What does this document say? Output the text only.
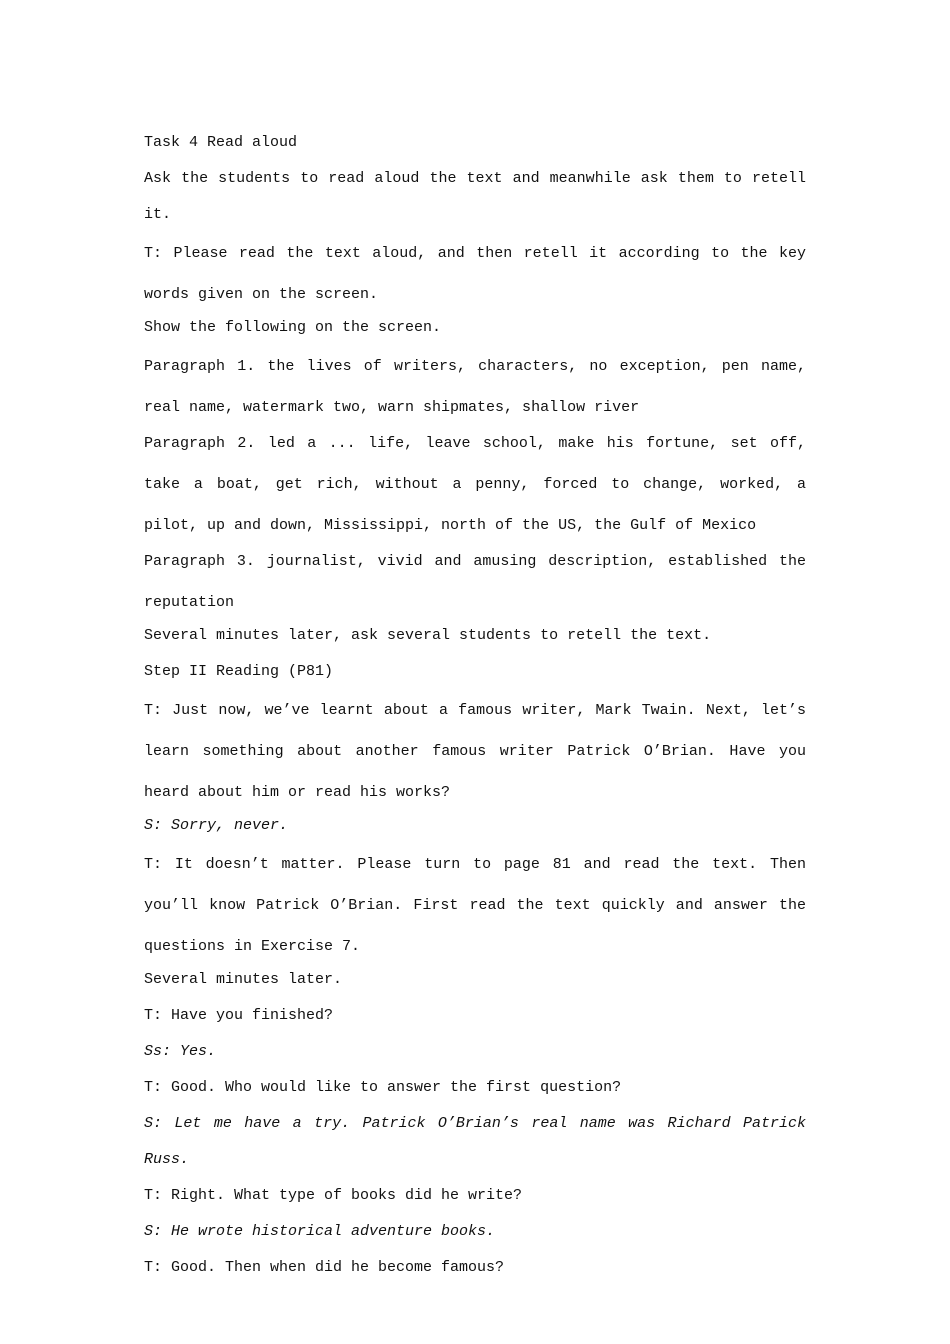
Task 4 Read aloud

Ask the students to read aloud the text and meanwhile ask them to retell it.

T: Please read the text aloud, and then retell it according to the key words given on the screen.

Show the following on the screen.

Paragraph 1. the lives of writers, characters, no exception, pen name, real name, watermark two, warn shipmates, shallow river

Paragraph 2. led a ... life, leave school, make his fortune, set off, take a boat, get rich, without a penny, forced to change, worked, a pilot, up and down, Mississippi, north of the US, the Gulf of Mexico

Paragraph 3. journalist, vivid and amusing description, established the reputation

Several minutes later, ask several students to retell the text.

Step II Reading (P81)

T: Just now, we’ve learnt about a famous writer, Mark Twain. Next, let’s learn something about another famous writer Patrick O’Brian. Have you heard about him or read his works?

S: Sorry, never.

T: It doesn’t matter. Please turn to page 81 and read the text. Then you’ll know Patrick O’Brian. First read the text quickly and answer the questions in Exercise 7.

Several minutes later.

T: Have you finished?

Ss: Yes.

T: Good. Who would like to answer the first question?

S: Let me have a try. Patrick O’Brian’s real name was Richard Patrick Russ.

T: Right. What type of books did he write?

S: He wrote historical adventure books.

T: Good. Then when did he become famous?
